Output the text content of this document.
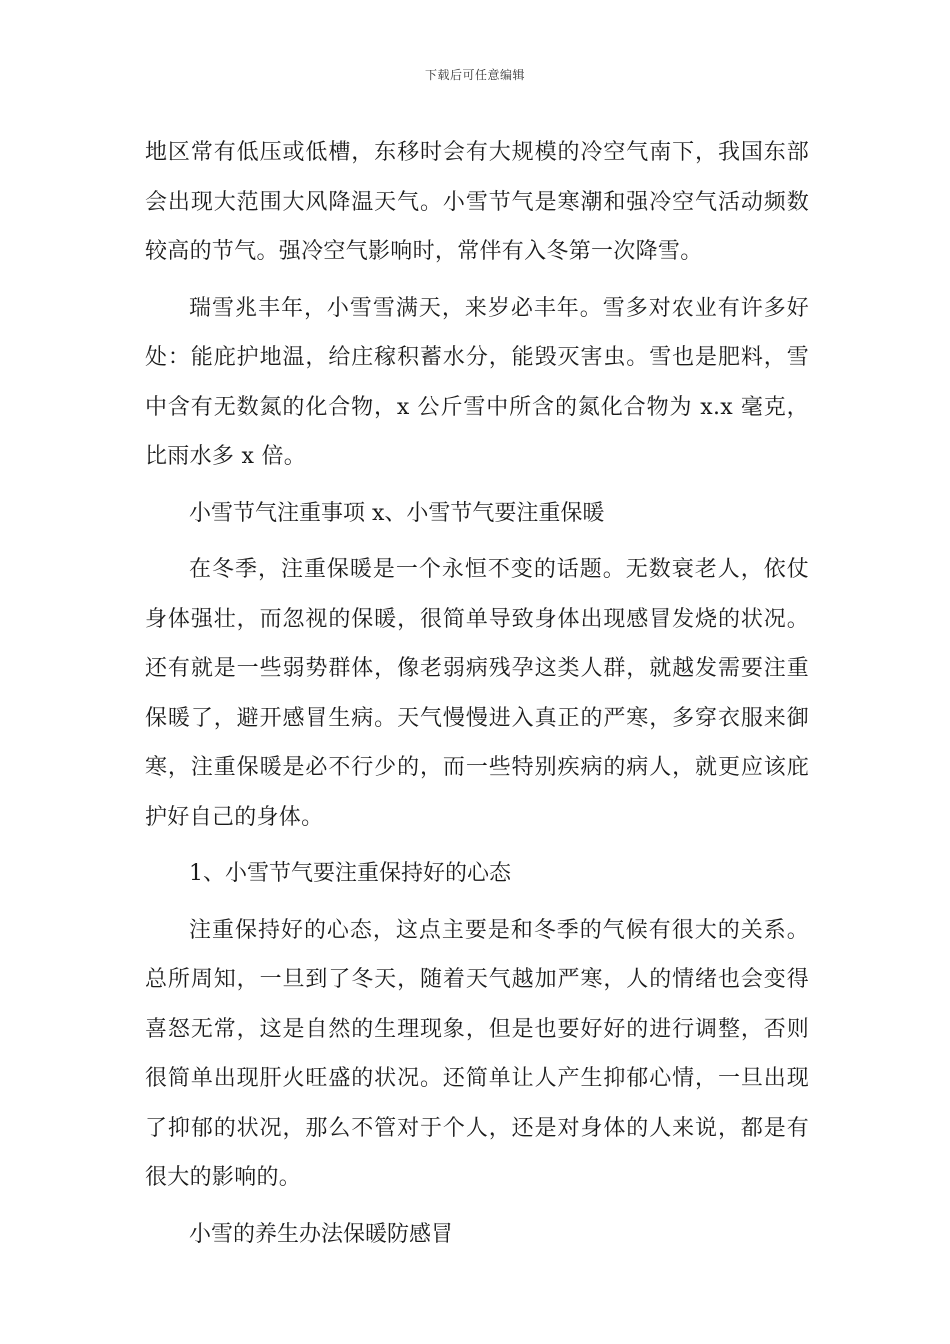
下载后可任意编辑

地区常有低压或低槽，东移时会有大规模的冷空气南下，我国东部会出现大范围大风降温天气。小雪节气是寒潮和强冷空气活动频数较高的节气。强冷空气影响时，常伴有入冬第一次降雪。

瑞雪兆丰年，小雪雪满天，来岁必丰年。雪多对农业有许多好处：能庇护地温，给庄稼积蓄水分，能毁灭害虫。雪也是肥料，雪中含有无数氮的化合物，x 公斤雪中所含的氮化合物为 x.x 毫克，比雨水多 x 倍。

小雪节气注重事项 x、小雪节气要注重保暖

在冬季，注重保暖是一个永恒不变的话题。无数衰老人，依仗身体强壮，而忽视的保暖，很简单导致身体出现感冒发烧的状况。还有就是一些弱势群体，像老弱病残孕这类人群，就越发需要注重保暖了，避开感冒生病。天气慢慢进入真正的严寒，多穿衣服来御寒，注重保暖是必不行少的，而一些特别疾病的病人，就更应该庇护好自己的身体。

1、小雪节气要注重保持好的心态

注重保持好的心态，这点主要是和冬季的气候有很大的关系。总所周知，一旦到了冬天，随着天气越加严寒，人的情绪也会变得喜怒无常，这是自然的生理现象，但是也要好好的进行调整，否则很简单出现肝火旺盛的状况。还简单让人产生抑郁心情，一旦出现了抑郁的状况，那么不管对于个人，还是对身体的人来说，都是有很大的影响的。

小雪的养生办法保暖防感冒
